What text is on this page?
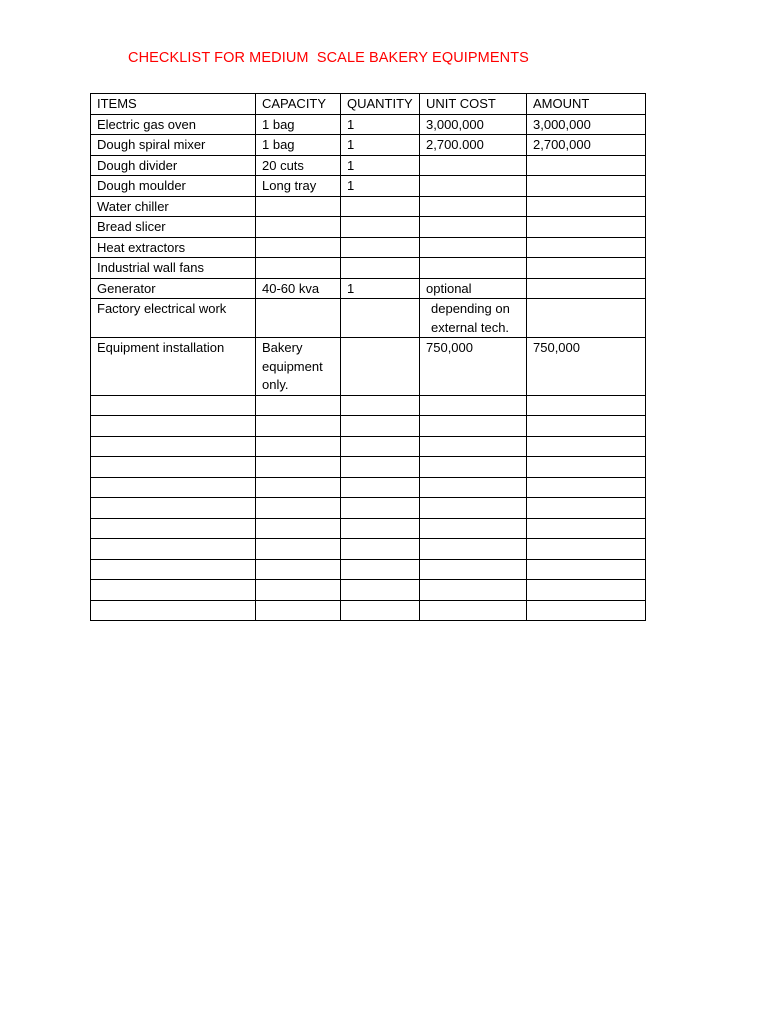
CHECKLIST FOR MEDIUM  SCALE BAKERY EQUIPMENTS
ITEMS	CAPACITY	QUANTITY	UNIT COST	AMOUNT
Electric gas oven	1 bag	1	3,000,000	3,000,000
Dough spiral mixer	1 bag	1	2,700.000	2,700,000
Dough divider	20 cuts	1		
Dough moulder	Long tray	1		
Water chiller				
Bread slicer				
Heat extractors				
Industrial wall fans				
Generator	40-60 kva	1	optional	
Factory electrical work			depending on external tech.	

Equipment installation	Bakery equipment only.		750,000	750,000
